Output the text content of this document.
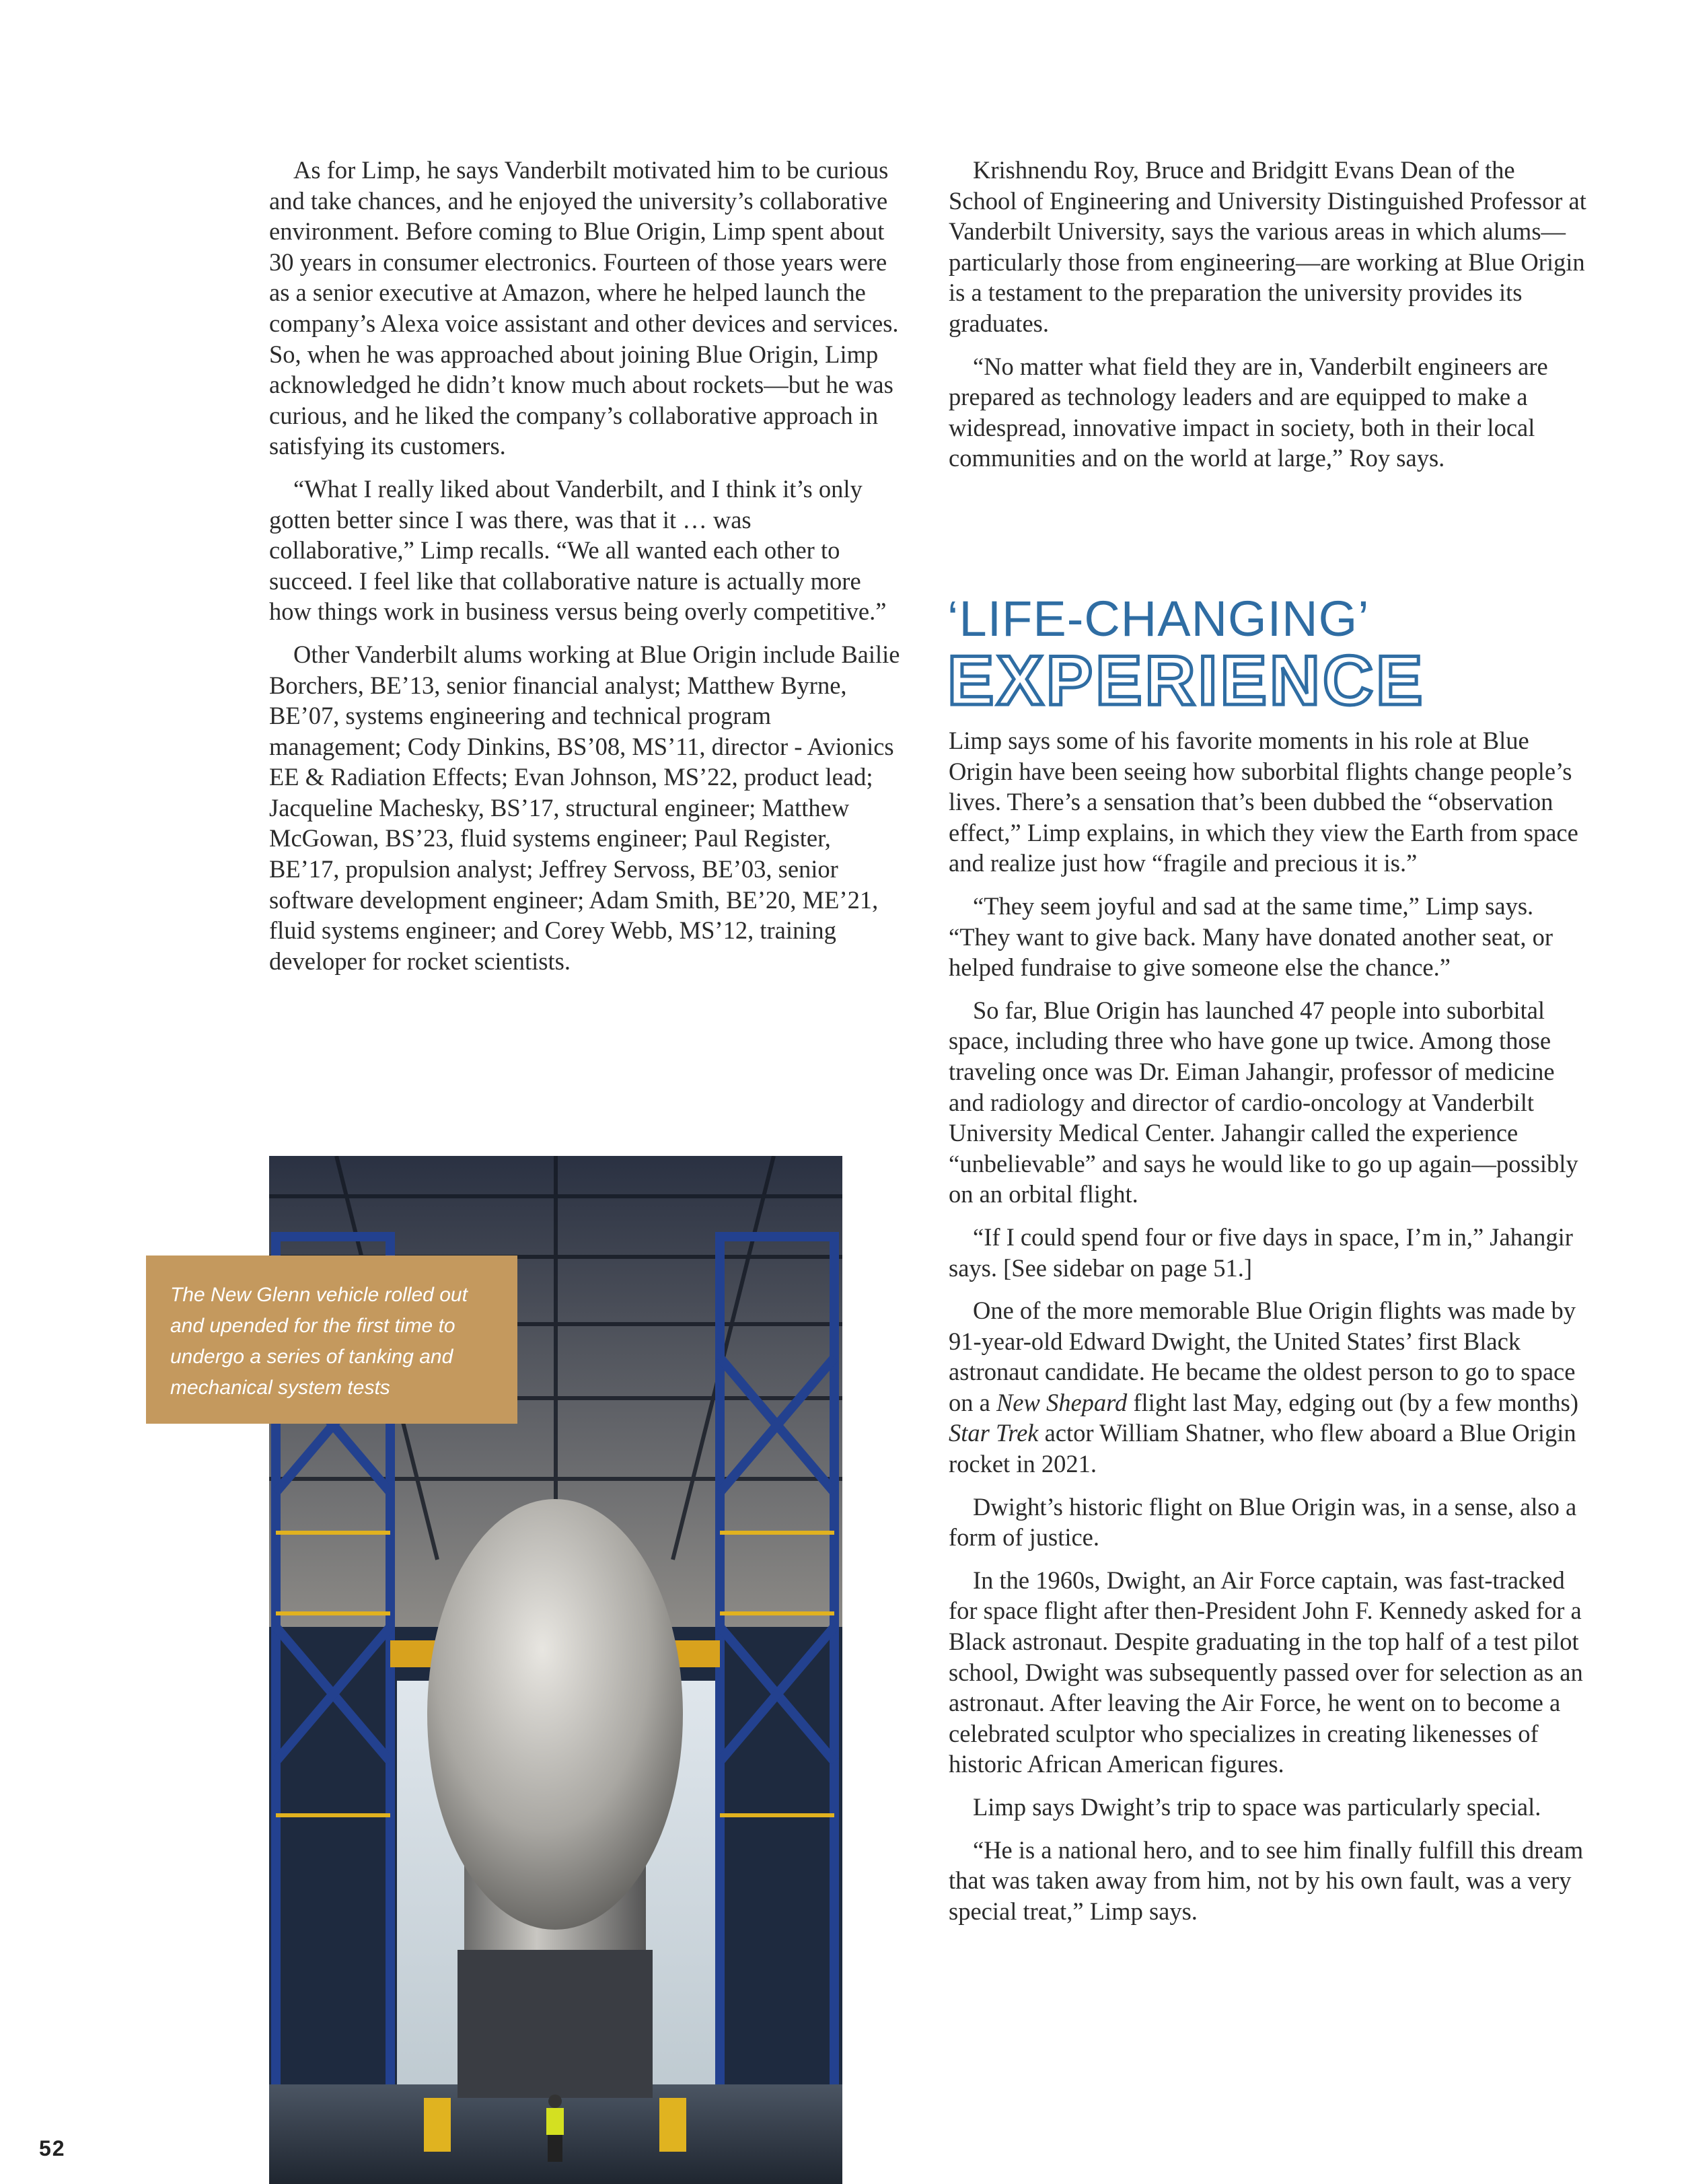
As for Limp, he says Vanderbilt motivated him to be curious and take chances, and he enjoyed the university’s collaborative environment. Before coming to Blue Origin, Limp spent about 30 years in consumer electronics. Fourteen of those years were as a senior executive at Amazon, where he helped launch the company’s Alexa voice assistant and other devices and services. So, when he was approached about joining Blue Origin, Limp acknowledged he didn’t know much about rockets—but he was curious, and he liked the company’s collaborative approach in satisfying its customers.

“What I really liked about Vanderbilt, and I think it’s only gotten better since I was there, was that it … was collaborative,” Limp recalls. “We all wanted each other to succeed. I feel like that collaborative nature is actually more how things work in business versus being overly competitive.”

Other Vanderbilt alums working at Blue Origin include Bailie Borchers, BE’13, senior financial analyst; Matthew Byrne, BE’07, systems engineering and technical program management; Cody Dinkins, BS’08, MS’11, director - Avionics EE & Radiation Effects; Evan Johnson, MS’22, product lead; Jacqueline Machesky, BS’17, structural engineer; Matthew McGowan, BS’23, fluid systems engineer; Paul Register, BE’17, propulsion analyst; Jeffrey Servoss, BE’03, senior software development engineer; Adam Smith, BE’20, ME’21, fluid systems engineer; and Corey Webb, MS’12, training developer for rocket scientists.

Krishnendu Roy, Bruce and Bridgitt Evans Dean of the School of Engineering and University Distinguished Professor at Vanderbilt University, says the various areas in which alums—particularly those from engineering—are working at Blue Origin is a testament to the preparation the university provides its graduates.

“No matter what field they are in, Vanderbilt engineers are prepared as technology leaders and are equipped to make a widespread, innovative impact in society, both in their local communities and on the world at large,” Roy says.

‘LIFE-CHANGING’
EXPERIENCE

Limp says some of his favorite moments in his role at Blue Origin have been seeing how suborbital flights change people’s lives. There’s a sensation that’s been dubbed the “observation effect,” Limp explains, in which they view the Earth from space and realize just how “fragile and precious it is.”

“They seem joyful and sad at the same time,” Limp says. “They want to give back. Many have donated another seat, or helped fundraise to give someone else the chance.”

So far, Blue Origin has launched 47 people into suborbital space, including three who have gone up twice. Among those traveling once was Dr. Eiman Jahangir, professor of medicine and radiology and director of cardio-oncology at Vanderbilt University Medical Center. Jahangir called the experience “unbelievable” and says he would like to go up again—possibly on an orbital flight.

“If I could spend four or five days in space, I’m in,” Jahangir says. [See sidebar on page 51.]

One of the more memorable Blue Origin flights was made by 91-year-old Edward Dwight, the United States’ first Black astronaut candidate. He became the oldest person to go to space on a New Shepard flight last May, edging out (by a few months) Star Trek actor William Shatner, who flew aboard a Blue Origin rocket in 2021.

Dwight’s historic flight on Blue Origin was, in a sense, also a form of justice.

In the 1960s, Dwight, an Air Force captain, was fast-tracked for space flight after then-President John F. Kennedy asked for a Black astronaut. Despite graduating in the top half of a test pilot school, Dwight was subsequently passed over for selection as an astronaut. After leaving the Air Force, he went on to become a celebrated sculptor who specializes in creating likenesses of historic African American figures.

Limp says Dwight’s trip to space was particularly special.

“He is a national hero, and to see him finally fulfill this dream that was taken away from him, not by his own fault, was a very special treat,” Limp says.

The New Glenn vehicle rolled out and upended for the first time to undergo a series of tanking and mechanical system tests
52
